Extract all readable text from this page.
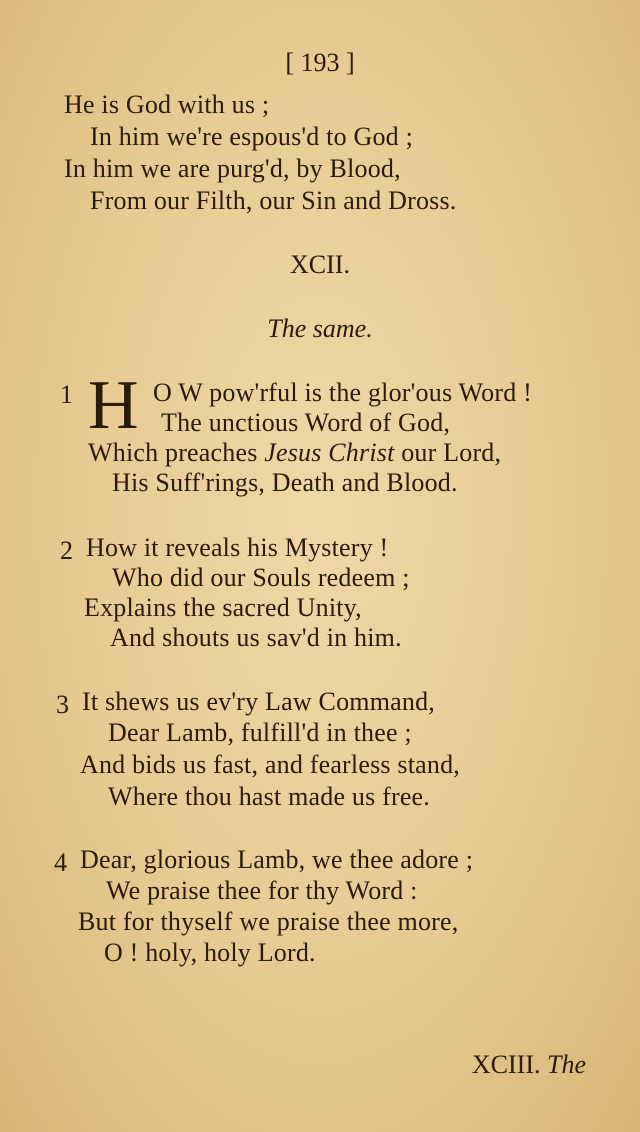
[ 193 ]
He is God with us ;
In him we're espous'd to God ;
In him we are purg'd, by Blood,
From our Filth, our Sin and Dross.
XCII.
The same.
1 H O W pow'rful is the glor'ous Word !
The unctious Word of God,
Which preaches Jesus Christ our Lord,
His Suff'rings, Death and Blood.
2 How it reveals his Mystery !
Who did our Souls redeem ;
Explains the sacred Unity,
And shouts us sav'd in him.
3 It shews us ev'ry Law Command,
Dear Lamb, fulfill'd in thee ;
And bids us fast, and fearless stand,
Where thou hast made us free.
4 Dear, glorious Lamb, we thee adore ;
We praise thee for thy Word :
But for thyself we praise thee more,
O ! holy, holy Lord.
XCIII. The
